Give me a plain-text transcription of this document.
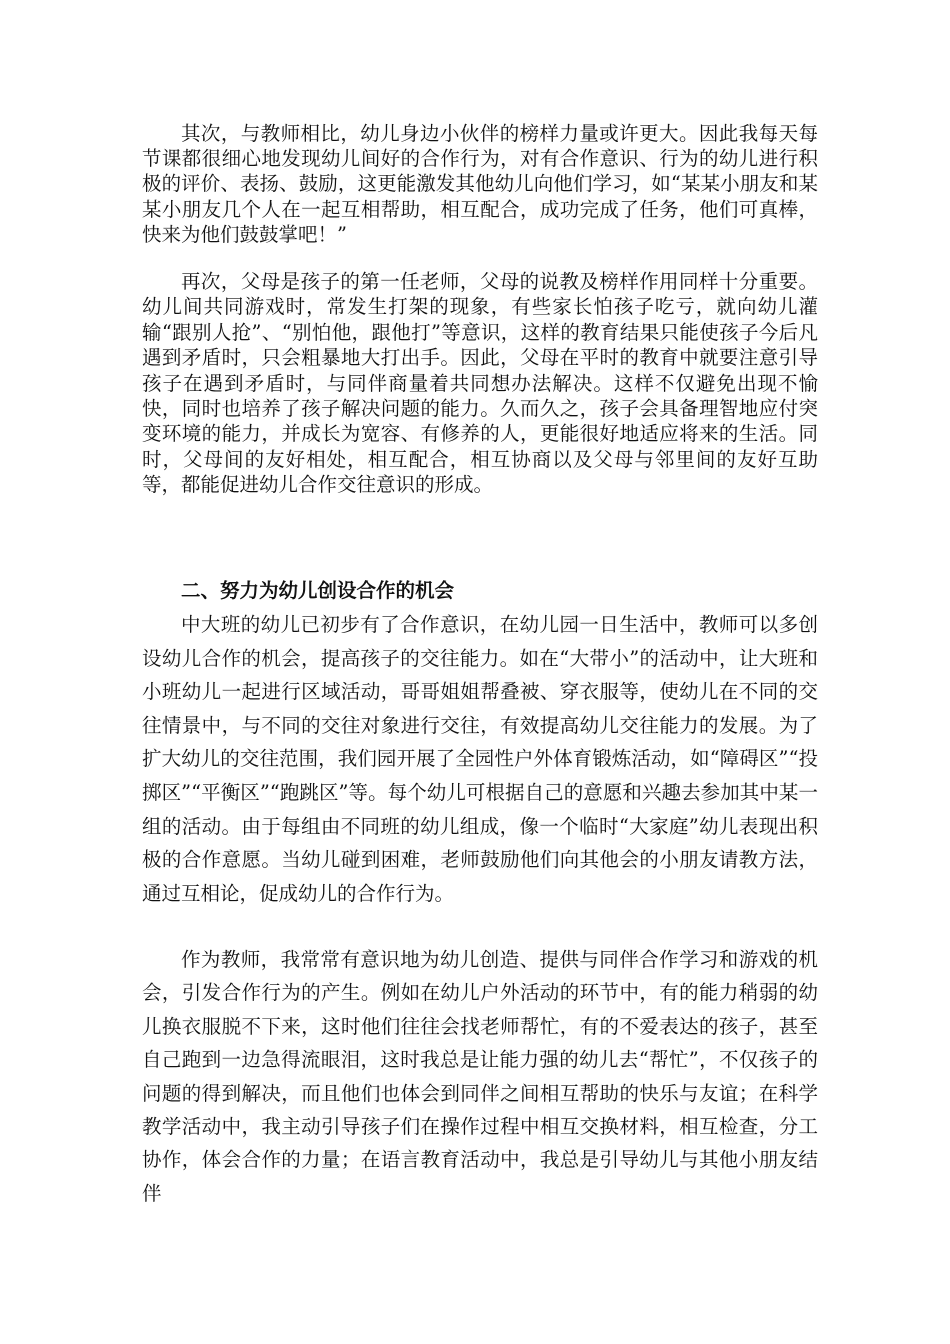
其次，与教师相比，幼儿身边小伙伴的榜样力量或许更大。因此我每天每节课都很细心地发现幼儿间好的合作行为，对有合作意识、行为的幼儿进行积极的评价、表扬、鼓励，这更能激发其他幼儿向他们学习，如“某某小朋友和某某小朋友几个人在一起互相帮助，相互配合，成功完成了任务，他们可真棒，快来为他们鼓鼓掌吧！”

再次，父母是孩子的第一任老师，父母的说教及榜样作用同样十分重要。幼儿间共同游戏时，常发生打架的现象，有些家长怕孩子吃亏，就向幼儿灌输“跟别人抢”、“别怕他，跟他打”等意识，这样的教育结果只能使孩子今后凡遇到矛盾时，只会粗暴地大打出手。因此，父母在平时的教育中就要注意引导孩子在遇到矛盾时，与同伴商量着共同想办法解决。这样不仅避免出现不愉快，同时也培养了孩子解决问题的能力。久而久之，孩子会具备理智地应付突变环境的能力，并成长为宽容、有修养的人，更能很好地适应将来的生活。同时，父母间的友好相处，相互配合，相互协商以及父母与邻里间的友好互助等，都能促进幼儿合作交往意识的形成。

二、努力为幼儿创设合作的机会

中大班的幼儿已初步有了合作意识，在幼儿园一日生活中，教师可以多创设幼儿合作的机会，提高孩子的交往能力。如在“大带小”的活动中，让大班和小班幼儿一起进行区域活动，哥哥姐姐帮叠被、穿衣服等，使幼儿在不同的交往情景中，与不同的交往对象进行交往，有效提高幼儿交往能力的发展。为了扩大幼儿的交往范围，我们园开展了全园性户外体育锻炼活动，如“障碍区”“投掷区”“平衡区”“跑跳区”等。每个幼儿可根据自己的意愿和兴趣去参加其中某一组的活动。由于每组由不同班的幼儿组成，像一个临时“大家庭”幼儿表现出积极的合作意愿。当幼儿碰到困难，老师鼓励他们向其他会的小朋友请教方法，通过互相论，促成幼儿的合作行为。

作为教师，我常常有意识地为幼儿创造、提供与同伴合作学习和游戏的机会，引发合作行为的产生。例如在幼儿户外活动的环节中，有的能力稍弱的幼儿换衣服脱不下来，这时他们往往会找老师帮忙，有的不爱表达的孩子，甚至自己跑到一边急得流眼泪，这时我总是让能力强的幼儿去“帮忙”，不仅孩子的问题的得到解决，而且他们也体会到同伴之间相互帮助的快乐与友谊；在科学教学活动中，我主动引导孩子们在操作过程中相互交换材料，相互检查，分工协作，体会合作的力量；在语言教育活动中，我总是引导幼儿与其他小朋友结伴
